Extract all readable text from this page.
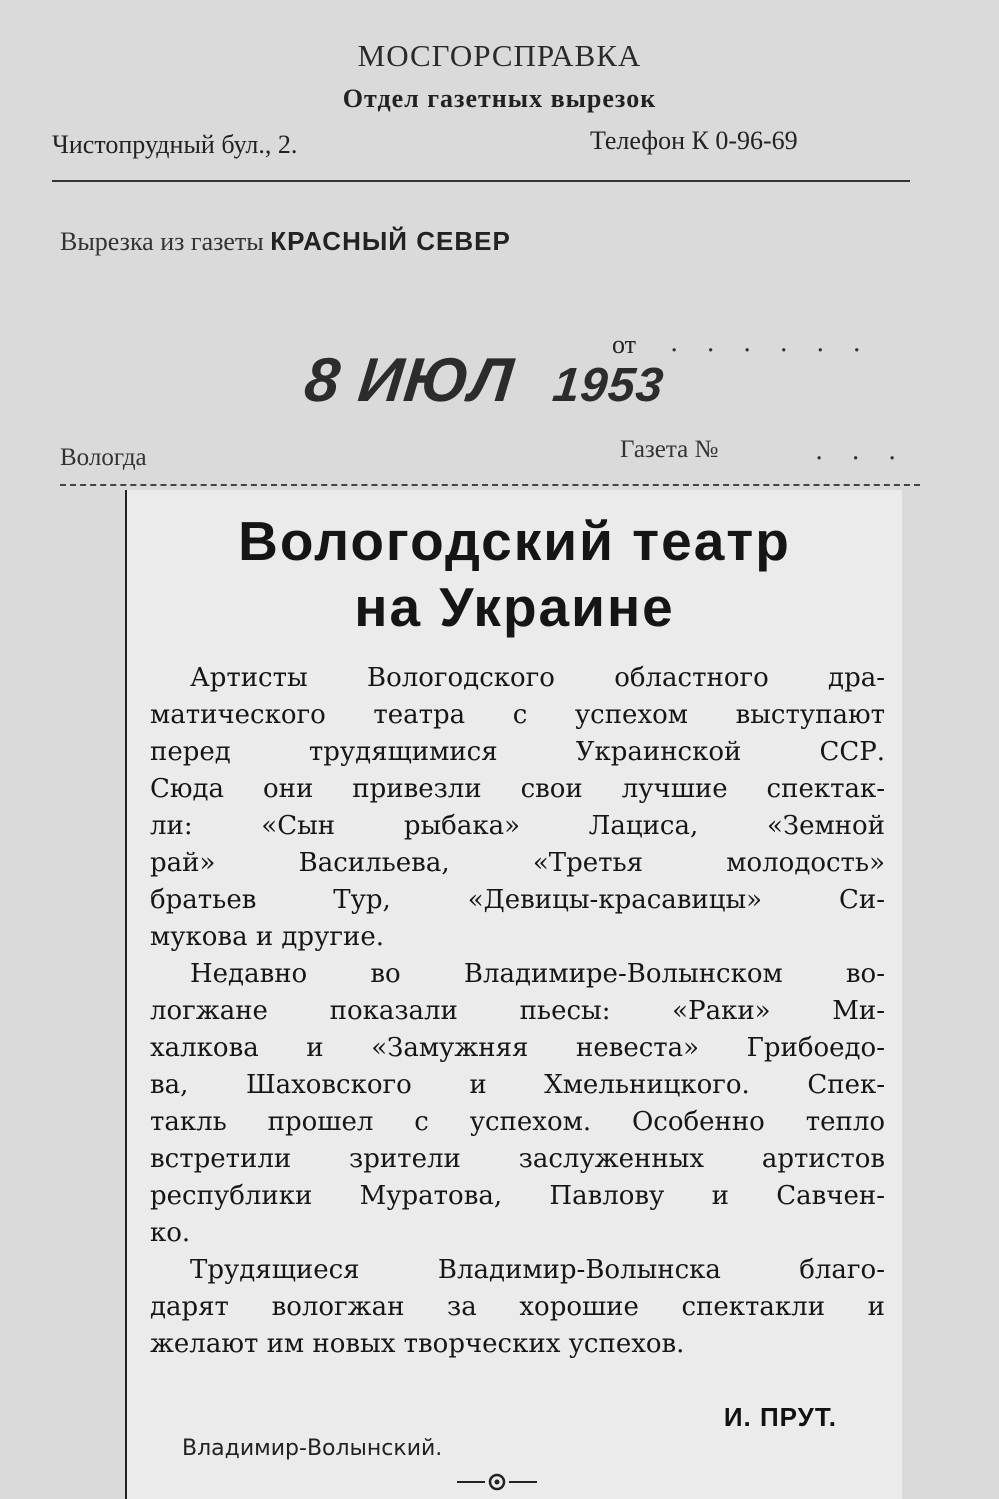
МОСГОРСПРАВКА
Отдел газетных вырезок
Чистопрудный бул., 2.	Телефон К 0-96-69
Вырезка из газеты КРАСНЫЙ СЕВЕР
от . . . . . .
8 ИЮЛ 1953
Вологда	Газета №	. . .
Вологодский театр
на Украине
Артисты Вологодского областного дра-
матического театра с успехом выступают
перед трудящимися Украинской ССР.
Сюда они привезли свои лучшие спектак-
ли: «Сын рыбака» Лациса, «Земной
рай» Васильева, «Третья молодость»
братьев Тур, «Девицы-красавицы» Си-
мукова и другие.
Недавно во Владимире-Волынском во-
логжане показали пьесы: «Раки» Ми-
халкова и «Замужняя невеста» Грибоедо-
ва, Шаховского и Хмельницкого. Спек-
такль прошел с успехом. Особенно тепло
встретили зрители заслуженных артистов
республики Муратова, Павлову и Савчен-
ко.
Трудящиеся Владимир-Волынска благо-
дарят вологжан за хорошие спектакли и
желают им новых творческих успехов.
И. ПРУТ.
Владимир-Волынский.
